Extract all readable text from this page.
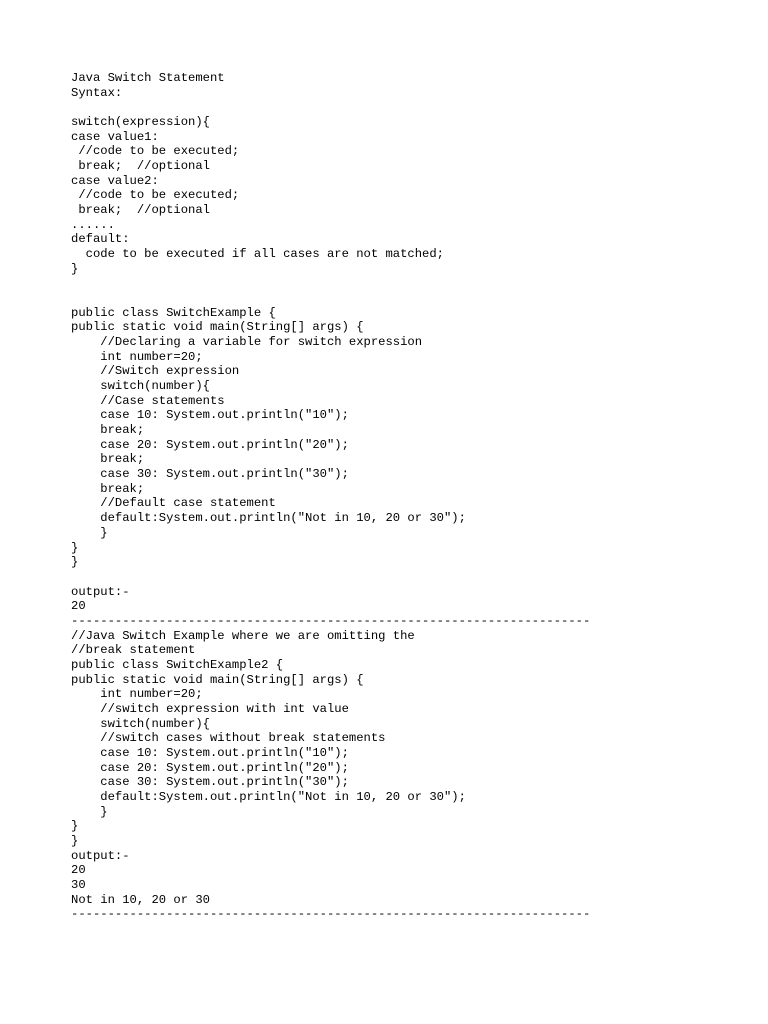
Java Switch Statement
Syntax:
switch(expression){
case value1:
//code to be executed;
break;  //optional
case value2:
//code to be executed;
break;  //optional
......
default:
code to be executed if all cases are not matched;
}
public class SwitchExample {
public static void main(String[] args) {
//Declaring a variable for switch expression
int number=20;
//Switch expression
switch(number){
//Case statements
case 10: System.out.println("10");
break;
case 20: System.out.println("20");
break;
case 30: System.out.println("30");
break;
//Default case statement
default:System.out.println("Not in 10, 20 or 30");
}
}
}
output:-
20
-----------------------------------------------------------------------
//Java Switch Example where we are omitting the
//break statement
public class SwitchExample2 {
public static void main(String[] args) {
int number=20;
//switch expression with int value
switch(number){
//switch cases without break statements
case 10: System.out.println("10");
case 20: System.out.println("20");
case 30: System.out.println("30");
default:System.out.println("Not in 10, 20 or 30");
}
}
}
output:-
20
30
Not in 10, 20 or 30
-----------------------------------------------------------------------
